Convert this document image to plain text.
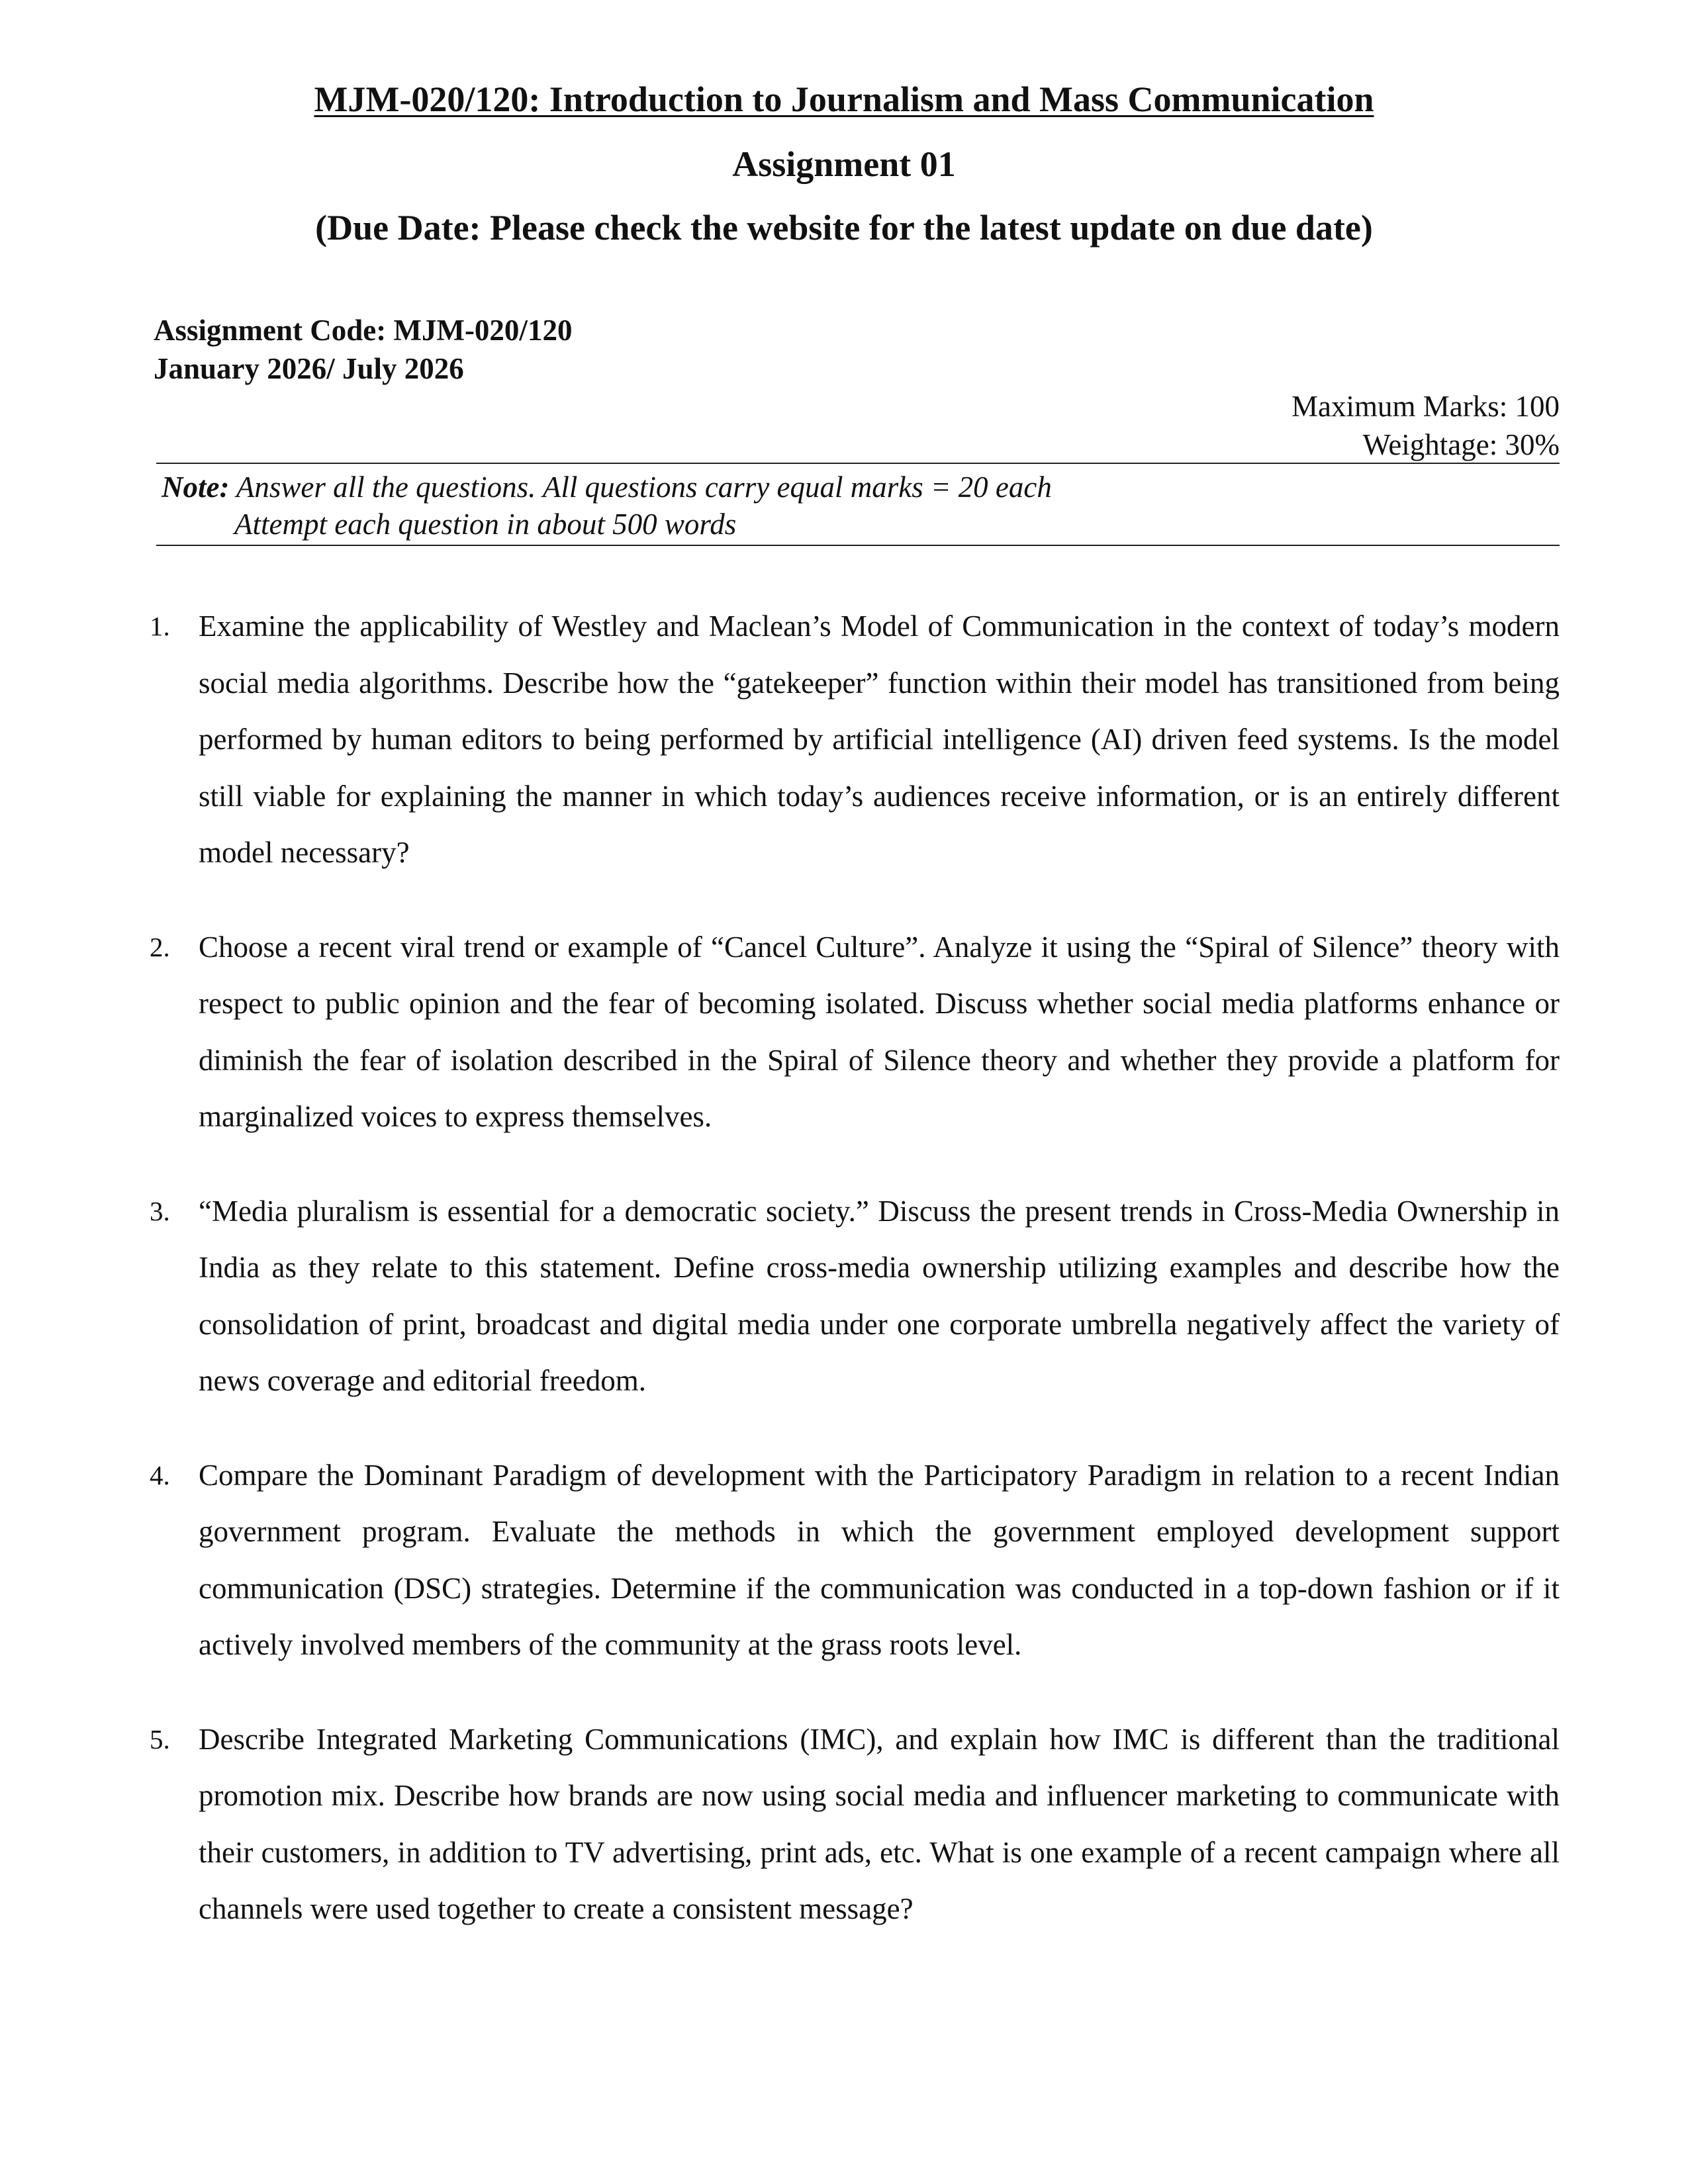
MJM-020/120: Introduction to Journalism and Mass Communication
Assignment 01
(Due Date: Please check the website for the latest update on due date)
Assignment Code: MJM-020/120
January 2026/ July 2026
Maximum Marks: 100
Weightage: 30%
Note: Answer all the questions. All questions carry equal marks = 20 each
Attempt each question in about 500 words
1. Examine the applicability of Westley and Maclean’s Model of Communication in the context of today’s modern social media algorithms. Describe how the “gatekeeper” function within their model has transitioned from being performed by human editors to being performed by artificial intelligence (AI) driven feed systems. Is the model still viable for explaining the manner in which today’s audiences receive information, or is an entirely different model necessary?
2. Choose a recent viral trend or example of “Cancel Culture”. Analyze it using the “Spiral of Silence” theory with respect to public opinion and the fear of becoming isolated. Discuss whether social media platforms enhance or diminish the fear of isolation described in the Spiral of Silence theory and whether they provide a platform for marginalized voices to express themselves.
3. “Media pluralism is essential for a democratic society.” Discuss the present trends in Cross-Media Ownership in India as they relate to this statement. Define cross-media ownership utilizing examples and describe how the consolidation of print, broadcast and digital media under one corporate umbrella negatively affect the variety of news coverage and editorial freedom.
4. Compare the Dominant Paradigm of development with the Participatory Paradigm in relation to a recent Indian government program. Evaluate the methods in which the government employed development support communication (DSC) strategies. Determine if the communication was conducted in a top-down fashion or if it actively involved members of the community at the grass roots level.
5. Describe Integrated Marketing Communications (IMC), and explain how IMC is different than the traditional promotion mix. Describe how brands are now using social media and influencer marketing to communicate with their customers, in addition to TV advertising, print ads, etc. What is one example of a recent campaign where all channels were used together to create a consistent message?
